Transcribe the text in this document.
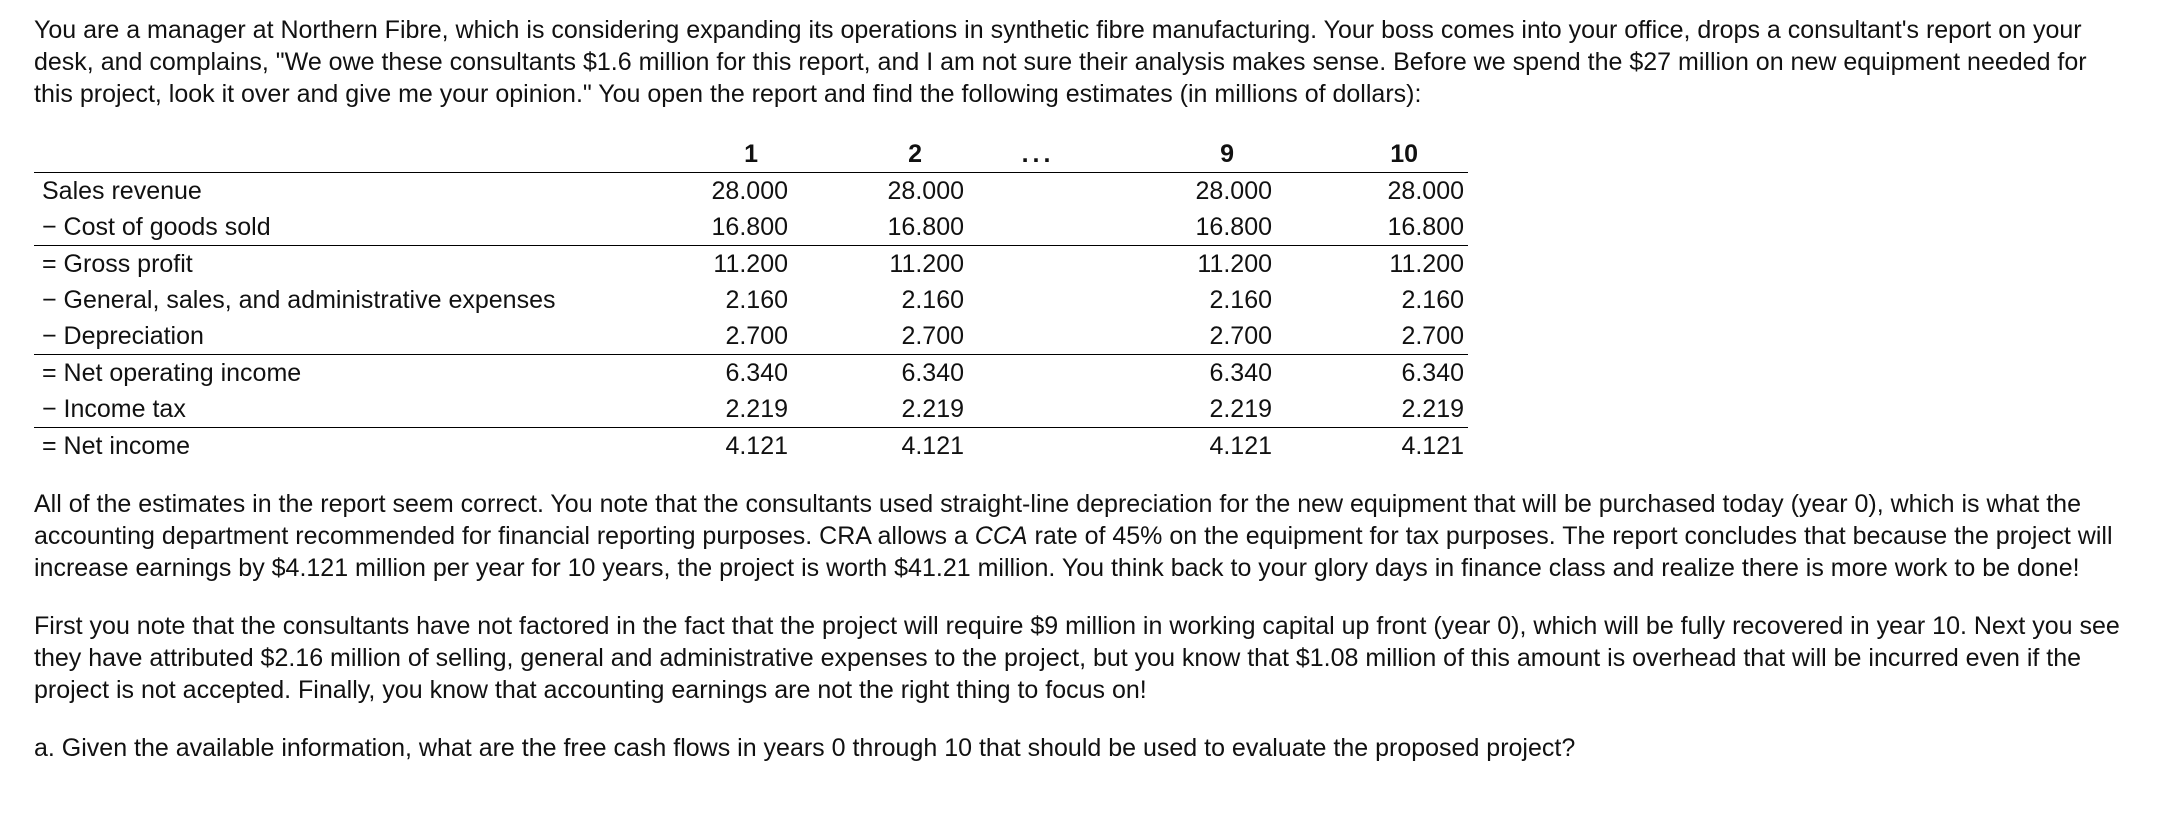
You are a manager at Northern Fibre, which is considering expanding its operations in synthetic fibre manufacturing. Your boss comes into your office, drops a consultant's report on your desk, and complains, "We owe these consultants $1.6 million for this report, and I am not sure their analysis makes sense. Before we spend the $27 million on new equipment needed for this project, look it over and give me your opinion." You open the report and find the following estimates (in millions of dollars):

	1	2	...	9	10
Sales revenue	28.000	28.000		28.000	28.000
− Cost of goods sold	16.800	16.800		16.800	16.800
= Gross profit	11.200	11.200		11.200	11.200
− General, sales, and administrative expenses	2.160	2.160		2.160	2.160
− Depreciation	2.700	2.700		2.700	2.700
= Net operating income	6.340	6.340		6.340	6.340
− Income tax	2.219	2.219		2.219	2.219
= Net income	4.121	4.121		4.121	4.121

All of the estimates in the report seem correct. You note that the consultants used straight-line depreciation for the new equipment that will be purchased today (year 0), which is what the accounting department recommended for financial reporting purposes. CRA allows a CCA rate of 45% on the equipment for tax purposes. The report concludes that because the project will increase earnings by $4.121 million per year for 10 years, the project is worth $41.21 million. You think back to your glory days in finance class and realize there is more work to be done!

First you note that the consultants have not factored in the fact that the project will require $9 million in working capital up front (year 0), which will be fully recovered in year 10. Next you see they have attributed $2.16 million of selling, general and administrative expenses to the project, but you know that $1.08 million of this amount is overhead that will be incurred even if the project is not accepted. Finally, you know that accounting earnings are not the right thing to focus on!

a. Given the available information, what are the free cash flows in years 0 through 10 that should be used to evaluate the proposed project?
